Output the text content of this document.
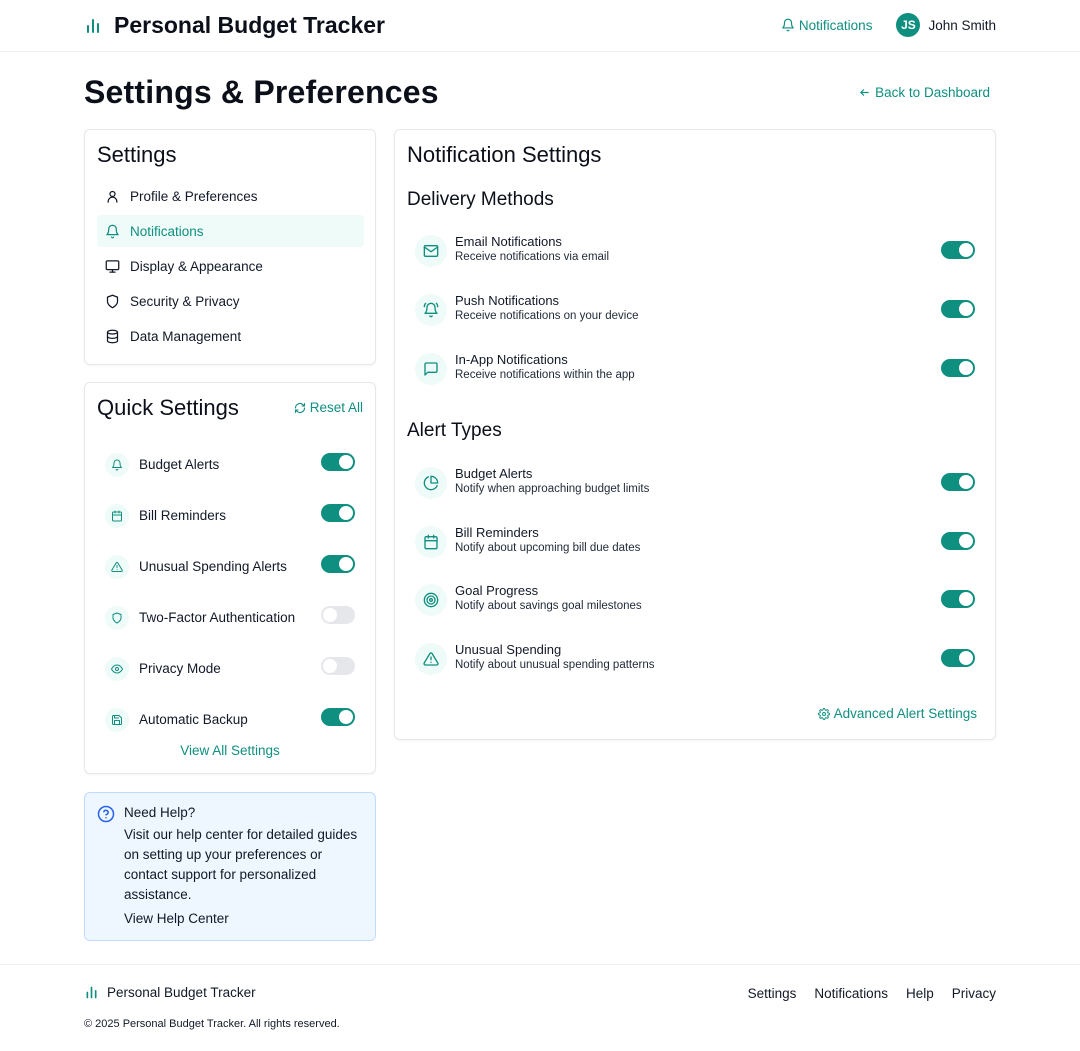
Personal Budget Tracker	Notifications	JS John Smith
Settings & Preferences	Back to Dashboard
Settings
Profile & Preferences
Notifications
Display & Appearance
Security & Privacy
Data Management
Quick Settings	Reset All
Budget Alerts
Bill Reminders
Unusual Spending Alerts
Two-Factor Authentication
Privacy Mode
Automatic Backup
View All Settings
Need Help?
Visit our help center for detailed guides on setting up your preferences or contact support for personalized assistance.
View Help Center
Notification Settings
Delivery Methods
Email Notifications
Receive notifications via email
Push Notifications
Receive notifications on your device
In-App Notifications
Receive notifications within the app
Alert Types
Budget Alerts
Notify when approaching budget limits
Bill Reminders
Notify about upcoming bill due dates
Goal Progress
Notify about savings goal milestones
Unusual Spending
Notify about unusual spending patterns
Advanced Alert Settings
Personal Budget Tracker	Settings Notifications Help Privacy
© 2025 Personal Budget Tracker. All rights reserved.
